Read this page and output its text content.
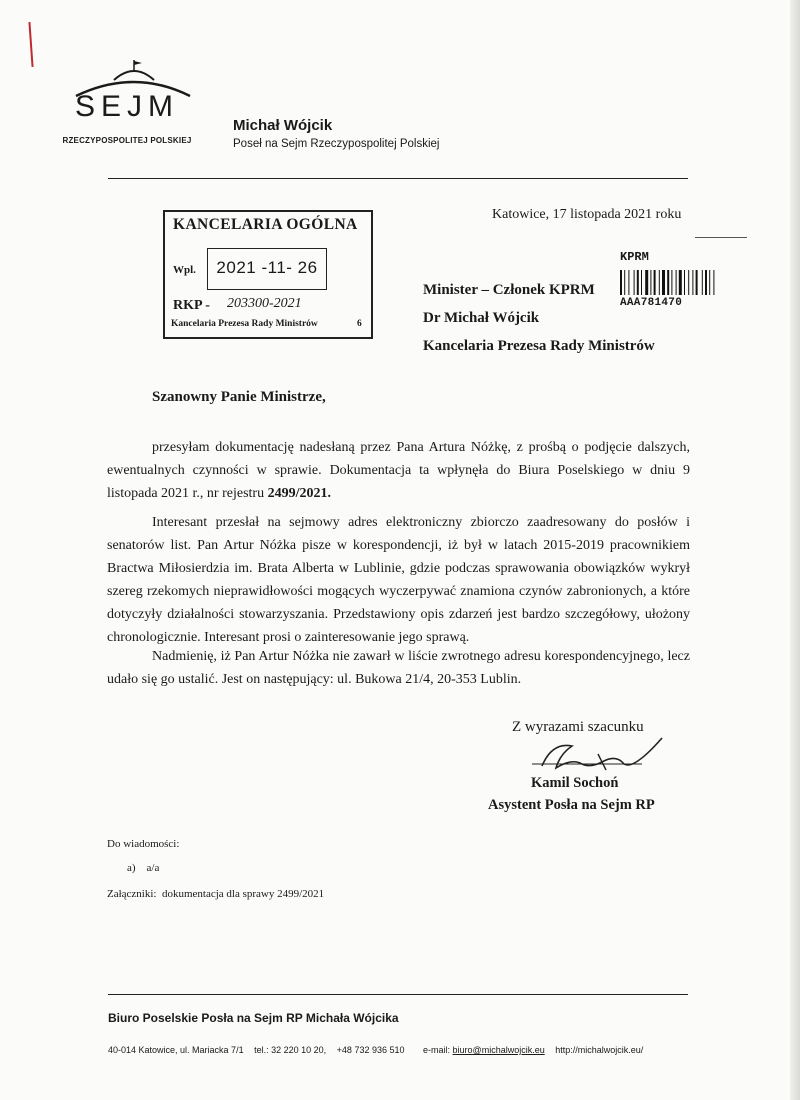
SEJM
RZECZYPOSPOLITEJ POLSKIEJ
Michał Wójcik
Poseł na Sejm Rzeczypospolitej Polskiej
KANCELARIA OGÓLNA
Wpl.	2021 -11- 26
RKP - 203300-2021
Kancelaria Prezesa Rady Ministrów	6
Katowice, 17 listopada 2021 roku
KPRM
AAA781470
Minister – Członek KPRM
Dr Michał Wójcik
Kancelaria Prezesa Rady Ministrów
Szanowny Panie Ministrze,
przesyłam dokumentację nadesłaną przez Pana Artura Nóżkę, z prośbą o podjęcie dalszych, ewentualnych czynności w sprawie. Dokumentacja ta wpłynęła do Biura Poselskiego w dniu 9 listopada 2021 r., nr rejestru 2499/2021.
Interesant przesłał na sejmowy adres elektroniczny zbiorczo zaadresowany do posłów i senatorów list. Pan Artur Nóżka pisze w korespondencji, iż był w latach 2015-2019 pracownikiem Bractwa Miłosierdzia im. Brata Alberta w Lublinie, gdzie podczas sprawowania obowiązków wykrył szereg rzekomych nieprawidłowości mogących wyczerpywać znamiona czynów zabronionych, a które dotyczyły działalności stowarzyszania. Przedstawiony opis zdarzeń jest bardzo szczegółowy, ułożony chronologicznie. Interesant prosi o zainteresowanie jego sprawą.
Nadmienię, iż Pan Artur Nóżka nie zawarł w liście zwrotnego adresu korespondencyjnego, lecz udało się go ustalić. Jest on następujący: ul. Bukowa 21/4, 20-353 Lublin.
Z wyrazami szacunku
Kamil Sochoń
Asystent Posła na Sejm RP
Do wiadomości:
a)    a/a
Załączniki:  dokumentacja dla sprawy 2499/2021
Biuro Poselskie Posła na Sejm RP Michała Wójcika
40-014 Katowice, ul. Mariacka 7/1 tel.: 32 220 10 20, +48 732 936 510 e-mail: biuro@michalwojcik.eu http://michalwojcik.eu/
